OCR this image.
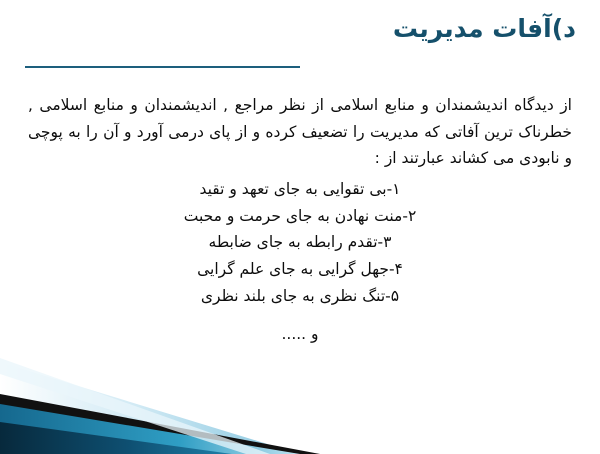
د)آفات مدیریت

از دیدگاه اندیشمندان و منابع اسلامی از نظر مراجع , اندیشمندان و منابع اسلامی , خطرناک ترین آفاتی که مدیریت را تضعیف کرده و از پای درمی آورد و آن را به پوچی و نابودی می کشاند عبارتند از :

۱-بی تقوایی به جای تعهد و تقید
۲-منت نهادن به جای حرمت و محبت
۳-تقدم رابطه به جای ضابطه
۴-جهل گرایی به جای علم گرایی
۵-تنگ نظری به جای بلند نظری
و .....
